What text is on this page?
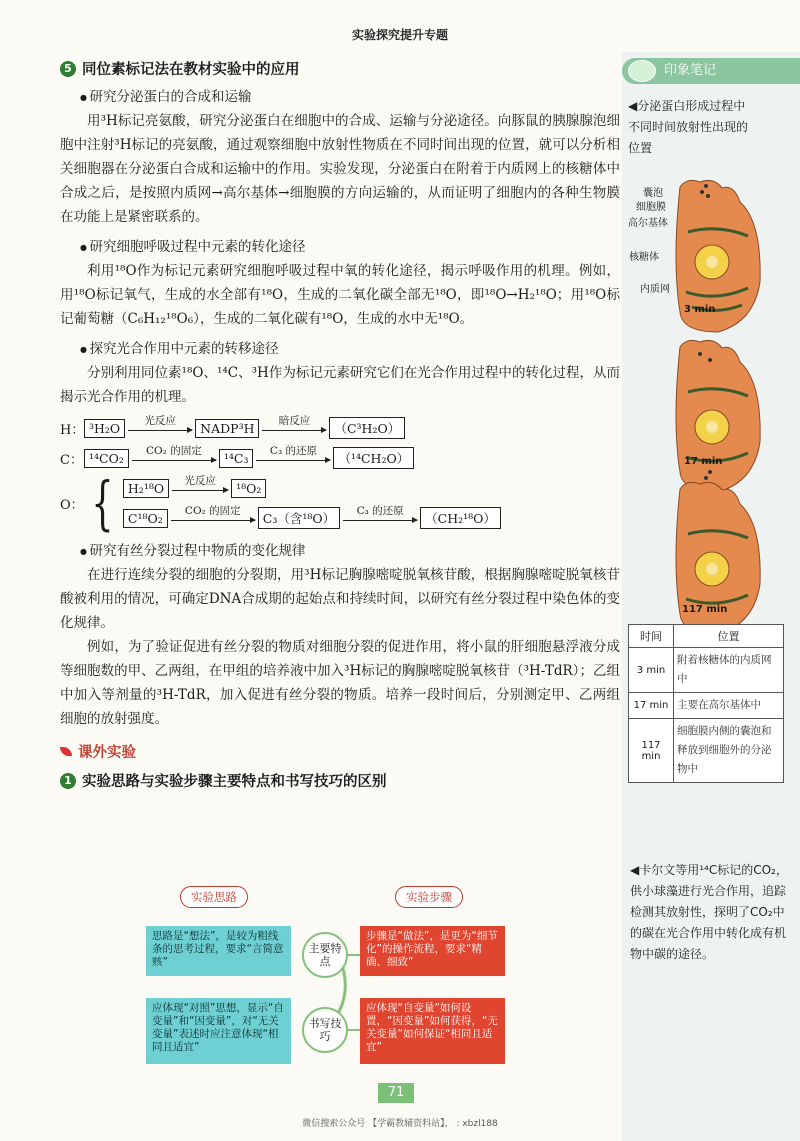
实验探究提升专题
5 同位素标记法在教材实验中的应用
● 研究分泌蛋白的合成和运输

用³H标记亮氨酸，研究分泌蛋白在细胞中的合成、运输与分泌途径。向豚鼠的胰腺腺泡细胞中注射³H标记的亮氨酸，通过观察细胞中放射性物质在不同时间出现的位置，就可以分析相关细胞器在分泌蛋白合成和运输中的作用。实验发现，分泌蛋白在附着于内质网上的核糖体中合成之后，是按照内质网→高尔基体→细胞膜的方向运输的，从而证明了细胞内的各种生物膜在功能上是紧密联系的。

● 研究细胞呼吸过程中元素的转化途径

利用¹⁸O作为标记元素研究细胞呼吸过程中氧的转化途径，揭示呼吸作用的机理。例如，用¹⁸O标记氧气，生成的水全部有¹⁸O，生成的二氧化碳全部无¹⁸O，即¹⁸O→H₂¹⁸O；用¹⁸O标记葡萄糖（C₆H₁₂¹⁸O₆），生成的二氧化碳有¹⁸O，生成的水中无¹⁸O。

● 探究光合作用中元素的转移途径

分别利用同位素¹⁸O、¹⁴C、³H作为标记元素研究它们在光合作用过程中的转化过程，从而揭示光合作用的机理。

H： ³H₂O	光反应	NADP³H	暗反应	（C³H₂O）
C： ¹⁴CO₂	CO₂ 的固定	¹⁴C₃	C₃ 的还原	（¹⁴CH₂O）
O： {	H₂¹⁸O	光反应	¹⁸O₂
C¹⁸O₂	CO₂ 的固定	C₃（含¹⁸O）	C₃ 的还原	（CH₂¹⁸O）
● 研究有丝分裂过程中物质的变化规律

在进行连续分裂的细胞的分裂期，用³H标记胸腺嘧啶脱氧核苷酸，根据胸腺嘧啶脱氧核苷酸被利用的情况，可确定DNA合成期的起始点和持续时间，以研究有丝分裂过程中染色体的变化规律。

例如，为了验证促进有丝分裂的物质对细胞分裂的促进作用，将小鼠的肝细胞悬浮液分成等细胞数的甲、乙两组，在甲组的培养液中加入³H标记的胸腺嘧啶脱氧核苷（³H-TdR）；乙组中加入等剂量的³H-TdR，加入促进有丝分裂的物质。培养一段时间后，分别测定甲、乙两组细胞的放射强度。

课外实验
1 实验思路与实验步骤主要特点和书写技巧的区别
实验思路	实验步骤
思路是“想法”，是较为粗线条的思考过程，要求“言简意赅”
步骤是“做法”，是更为“细节化”的操作流程，要求“精确、细致”
主要特点
书写技巧
应体现“对照”思想，显示“自变量”和“因变量”，对“无关变量”表述时应注意体现“相同且适宜”
应体现“自变量”如何设置，“因变量”如何获得，“无关变量”如何保证“相同且适宜”
印象笔记
◀分泌蛋白形成过程中不同时间放射性出现的位置
囊泡
细胞膜
高尔基体
核糖体
内质网
3 min
17 min
117 min
◀卡尔文等用¹⁴C标记的CO₂，供小球藻进行光合作用，追踪检测其放射性，探明了CO₂中的碳在光合作用中转化成有机物中碳的途径。
时间	位置
3 min	附着核糖体的内质网中
17 min	主要在高尔基体中
117 min	细胞膜内侧的囊泡和释放到细胞外的分泌物中
71
微信搜索公众号 【学霸教辅资料站】， : xbzl188
